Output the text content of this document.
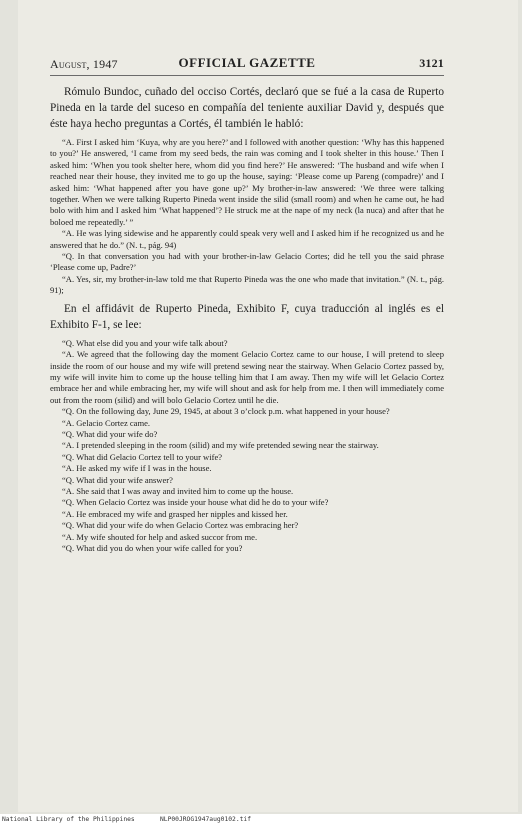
August, 1947	OFFICIAL GAZETTE	3121

Rómulo Bundoc, cuñado del occiso Cortés, declaró que se fué a la casa de Ruperto Pineda en la tarde del suceso en compañía del teniente auxiliar David y, después que éste haya hecho preguntas a Cortés, él también le habló:

“A. First I asked him ‘Kuya, why are you here?’ and I followed with another question: ‘Why has this happened to you?’ He answered, ‘I came from my seed beds, the rain was coming and I took shelter in this house.’ Then I asked him: ‘When you took shelter here, whom did you find here?’ He answered: ‘The husband and wife when I reached near their house, they invited me to go up the house, saying: ‘Please come up Pareng (compadre)’ and I asked him: ‘What happened after you have gone up?’ My brother-in-law answered: ‘We three were talking together. When we were talking Ruperto Pineda went inside the silid (small room) and when he came out, he had bolo with him and I asked him ‘What happened’? He struck me at the nape of my neck (la nuca) and after that he boloed me repeatedly.’ ”

“A. He was lying sidewise and he apparently could speak very well and I asked him if he recognized us and he answered that he do.” (N. t., pág. 94)

“Q. In that conversation you had with your brother-in-law Gelacio Cortes; did he tell you the said phrase ‘Please come up, Padre?’

“A. Yes, sir, my brother-in-law told me that Ruperto Pineda was the one who made that invitation.” (N. t., pág. 91);

En el affidávit de Ruperto Pineda, Exhibito F, cuya traducción al inglés es el Exhibito F-1, se lee:

“Q. What else did you and your wife talk about?

“A. We agreed that the following day the moment Gelacio Cortez came to our house, I will pretend to sleep inside the room of our house and my wife will pretend sewing near the stairway. When Gelacio Cortez passed by, my wife will invite him to come up the house telling him that I am away. Then my wife will let Gelacio Cortez embrace her and while embracing her, my wife will shout and ask for help from me. I then will immediately come out from the room (silid) and will bolo Gelacio Cortez until he die.

“Q. On the following day, June 29, 1945, at about 3 o’clock p.m. what happened in your house?

“A. Gelacio Cortez came.

“Q. What did your wife do?

“A. I pretended sleeping in the room (silid) and my wife pretended sewing near the stairway.

“Q. What did Gelacio Cortez tell to your wife?

“A. He asked my wife if I was in the house.

“Q. What did your wife answer?

“A. She said that I was away and invited him to come up the house.

“Q. When Gelacio Cortez was inside your house what did he do to your wife?

“A. He embraced my wife and grasped her nipples and kissed her.

“Q. What did your wife do when Gelacio Cortez was embracing her?

“A. My wife shouted for help and asked succor from me.

“Q. What did you do when your wife called for you?

National Library of the Philippines	NLP00JROG1947aug0102.tif
